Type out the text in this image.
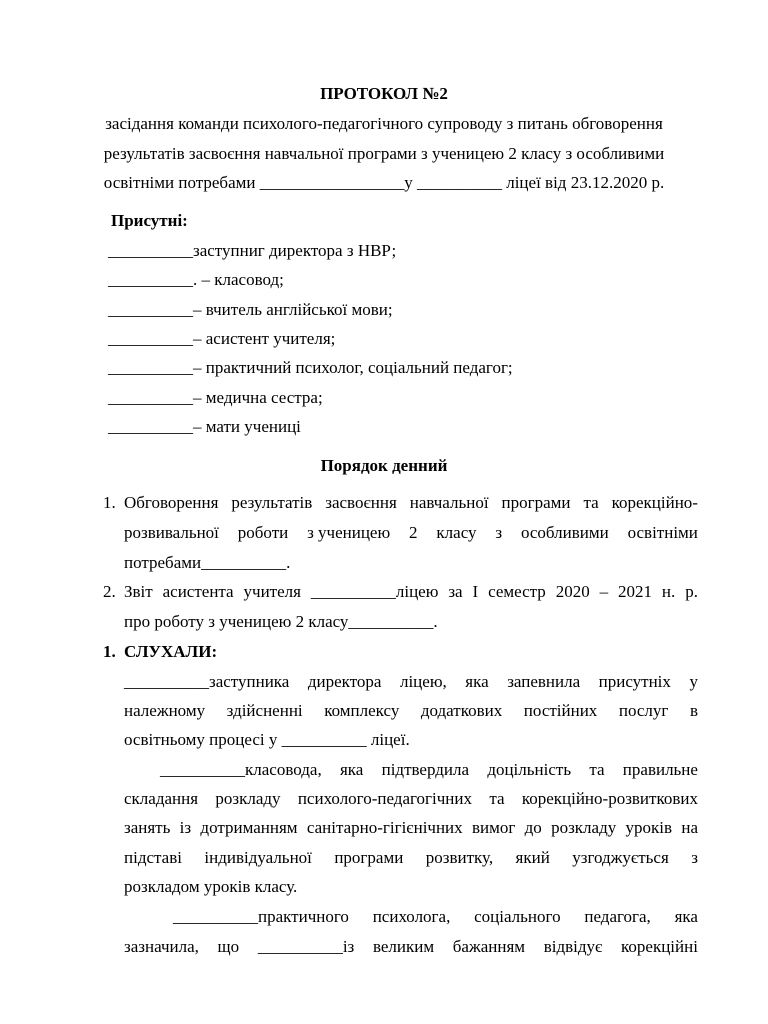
ПРОТОКОЛ №2
засідання команди психолого-педагогічного супроводу з питань обговорення
результатів засвоєння навчальної програми з ученицею 2 класу з особливими
освітніми потребами _________________у __________ ліцеї від 23.12.2020 р.
Присутні:
__________заступниг директора з НВР;
__________. – класовод;
__________– вчитель англійської мови;
__________– асистент учителя;
__________– практичний психолог, соціальний педагог;
__________– медична сестра;
__________– мати учениці
Порядок денний
1. Обговорення результатів засвоєння навчальної програми та корекційно-
розвивальної роботи з ученицею 2 класу з особливими освітніми
потребами__________.
2. Звіт асистента учителя __________ліцею за І семестр 2020 – 2021 н. р.
про роботу з ученицею 2 класу__________.
1. СЛУХАЛИ:
__________заступника директора ліцею, яка запевнила присутніх у
належному здійсненні комплексу додаткових постійних послуг в
освітньому процесі у __________ ліцеї.
__________класовода, яка підтвердила доцільність та правильне
складання розкладу психолого-педагогічних та корекційно-розвиткових
занять із дотриманням санітарно-гігієнічних вимог до розкладу уроків на
підставі індивідуальної програми розвитку, який узгоджується з
розкладом уроків класу.
__________практичного психолога, соціального педагога, яка
зазначила, що __________із великим бажанням відвідує корекційні
